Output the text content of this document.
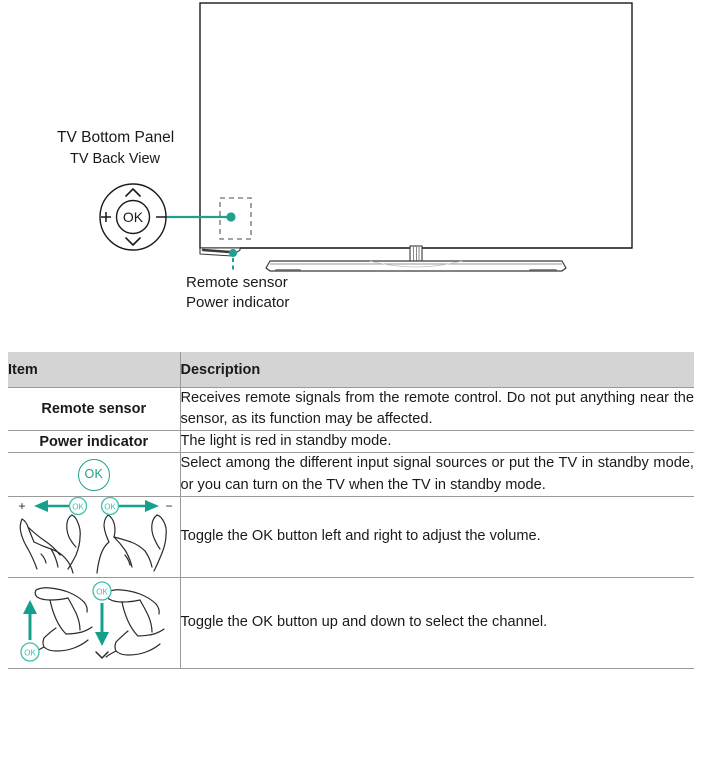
OK
TV Bottom Panel
TV Back View
Remote sensor
Power indicator
Item	Description
Remote sensor	Receives remote signals from the remote control. Do not put anything near the sensor, as its function may be affected.
Power indicator	The light is red in standby mode.
OK	Select among the different input signal sources or put the TV in standby mode, or you can turn on the TV when the TV in standby mode.

+ OK OK −	Toggle the OK button left and right to adjust the volume.

OK
OK	Toggle the OK button up and down to select the channel.
